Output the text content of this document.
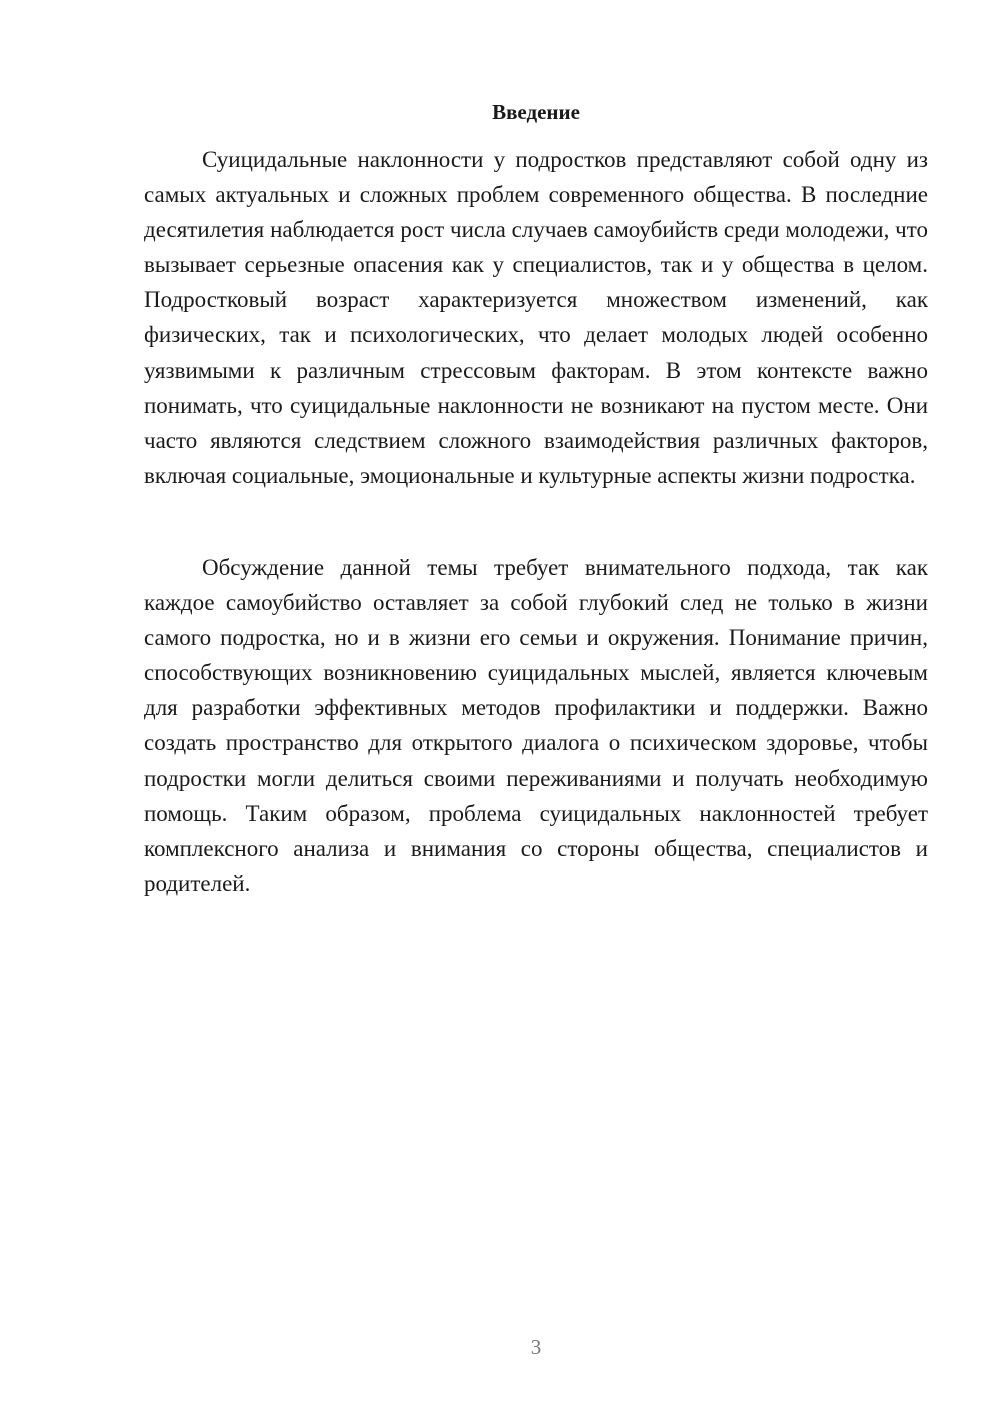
Введение

Суицидальные наклонности у подростков представляют собой одну из самых актуальных и сложных проблем современного общества. В последние десятилетия наблюдается рост числа случаев самоубийств среди молодежи, что вызывает серьезные опасения как у специалистов, так и у общества в целом. Подростковый возраст характеризуется множеством изменений, как физических, так и психологических, что делает молодых людей особенно уязвимыми к различным стрессовым факторам. В этом контексте важно понимать, что суицидальные наклонности не возникают на пустом месте. Они часто являются следствием сложного взаимодействия различных факторов, включая социальные, эмоциональные и культурные аспекты жизни подростка.

Обсуждение данной темы требует внимательного подхода, так как каждое самоубийство оставляет за собой глубокий след не только в жизни самого подростка, но и в жизни его семьи и окружения. Понимание причин, способствующих возникновению суицидальных мыслей, является ключевым для разработки эффективных методов профилактики и поддержки. Важно создать пространство для открытого диалога о психическом здоровье, чтобы подростки могли делиться своими переживаниями и получать необходимую помощь. Таким образом, проблема суицидальных наклонностей требует комплексного анализа и внимания со стороны общества, специалистов и родителей.

3
